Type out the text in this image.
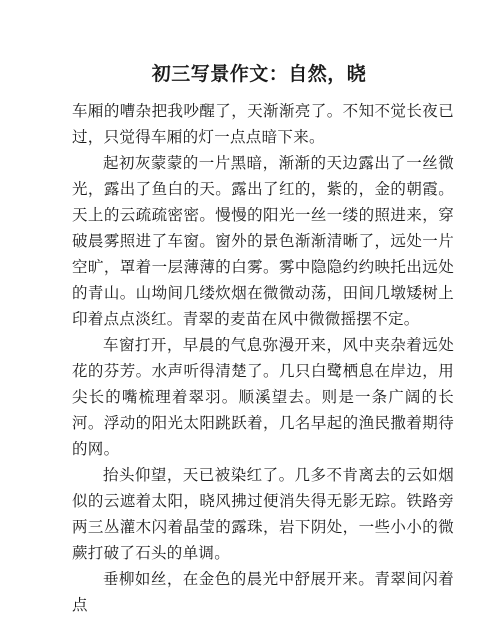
初三写景作文：自然，晓

车厢的嘈杂把我吵醒了，天渐渐亮了。不知不觉长夜已过，只觉得车厢的灯一点点暗下来。

起初灰蒙蒙的一片黑暗，渐渐的天边露出了一丝微光，露出了鱼白的天。露出了红的，紫的，金的朝霞。天上的云疏疏密密。慢慢的阳光一丝一缕的照进来，穿破晨雾照进了车窗。窗外的景色渐渐清晰了，远处一片空旷，罩着一层薄薄的白雾。雾中隐隐约约映托出远处的青山。山坳间几缕炊烟在微微动荡，田间几墩矮树上印着点点淡红。青翠的麦苗在风中微微摇摆不定。

车窗打开，早晨的气息弥漫开来，风中夹杂着远处花的芬芳。水声听得清楚了。几只白鹭栖息在岸边，用尖长的嘴梳理着翠羽。顺溪望去。则是一条广阔的长河。浮动的阳光太阳跳跃着，几名早起的渔民撒着期待的网。

抬头仰望，天已被染红了。几多不肯离去的云如烟似的云遮着太阳，晓风拂过便消失得无影无踪。铁路旁两三丛灌木闪着晶莹的露珠，岩下阴处，一些小小的微蕨打破了石头的单调。

垂柳如丝，在金色的晨光中舒展开来。青翠间闪着点
